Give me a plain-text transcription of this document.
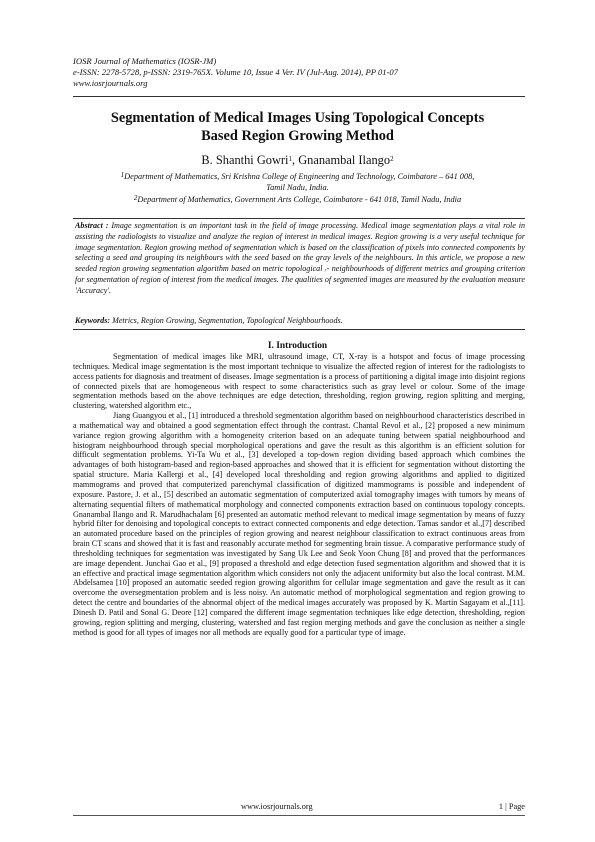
IOSR Journal of Mathematics (IOSR-JM)
e-ISSN: 2278-5728, p-ISSN: 2319-765X. Volume 10, Issue 4 Ver. IV (Jul-Aug. 2014), PP 01-07
www.iosrjournals.org
Segmentation of Medical Images Using Topological Concepts
Based Region Growing Method
B. Shanthi Gowri$^1$, Gnanambal Ilango$^2$
$^1$Department of Mathematics, Sri Krishna College of Engineering and Technology, Coimbatore – 641 008,
Tamil Nadu, India.
$^2$Department of Mathematics, Government Arts College, Coimbatore - 641 018, Tamil Nadu, India
Abstract : Image segmentation is an important task in the field of image processing. Medical image segmentation plays a vital role in assisting the radiologists to visualize and analyze the region of interest in medical images. Region growing is a very useful technique for image segmentation. Region growing method of segmentation which is based on the classification of pixels into connected components by selecting a seed and grouping its neighbours with the seed based on the gray levels of the neighbours. In this article, we propose a new seeded region growing segmentation algorithm based on metric topological ᵣ- neighbourhoods of different metrics and grouping criterion for segmentation of region of interest from the medical images. The qualities of segmented images are measured by the evaluation measure 'Accuracy'.
Keywords: Metrics, Region Growing, Segmentation, Topological Neighbourhoods.
I. Introduction

Segmentation of medical images like MRI, ultrasound image, CT, X-ray is a hotspot and focus of image processing techniques. Medical image segmentation is the most important technique to visualize the affected region of interest for the radiologists to access patients for diagnosis and treatment of diseases. Image segmentation is a process of partitioning a digital image into disjoint regions of connected pixels that are homogeneous with respect to some characteristics such as gray level or colour. Some of the image segmentation methods based on the above techniques are edge detection, thresholding, region growing, region splitting and merging, clustering, watershed algorithm etc.,

Jiang Guangyou et al., [1] introduced a threshold segmentation algorithm based on neighbourhood characteristics described in a mathematical way and obtained a good segmentation effect through the contrast. Chantal Revol et al., [2] proposed a new minimum variance region growing algorithm with a homogeneity criterion based on an adequate tuning between spatial neighbourhood and histogram neighbourhood through special morphological operations and gave the result as this algorithm is an efficient solution for difficult segmentation problems. Yi-Ta Wu et al., [3] developed a top-down region dividing based approach which combines the advantages of both histogram-based and region-based approaches and showed that it is efficient for segmentation without distorting the spatial structure. Maria Kallergi et al., [4] developed local thresholding and region growing algorithms and applied to digitized mammograms and proved that computerized parenchymal classification of digitized mammograms is possible and independent of exposure. Pastore, J. et al., [5] described an automatic segmentation of computerized axial tomography images with tumors by means of alternating sequential filters of mathematical morphology and connected components extraction based on continuous topology concepts. Gnanambal Ilango and R. Marudhachalam [6] presented an automatic method relevant to medical image segmentation by means of fuzzy hybrid filter for denoising and topological concepts to extract connected components and edge detection. Tamas sandor et al.,[7] described an automated procedure based on the principles of region growing and nearest neighbour classification to extract continuous areas from brain CT scans and showed that it is fast and reasonably accurate method for segmenting brain tissue. A comparative performance study of thresholding techniques for segmentation was investigated by Sang Uk Lee and Seok Yoon Chung [8] and proved that the performances are image dependent. Junchai Gao et al., [9] proposed a threshold and edge detection fused segmentation algorithm and showed that it is an effective and practical image segmentation algorithm which considers not only the adjacent uniformity but also the local contrast. M.M. Abdelsamea [10] proposed an automatic seeded region growing algorithm for cellular image segmentation and gave the result as it can overcome the oversegmentation problem and is less noisy. An automatic method of morphological segmentation and region growing to detect the centre and boundaries of the abnormal object of the medical images accurately was proposed by K. Martin Sagayam et al.,[11]. Dinesh D. Patil and Sonal G. Deore [12] compared the different image segmentation techniques like edge detection, thresholding, region growing, region splitting and merging, clustering, watershed and fast region merging methods and gave the conclusion as neither a single method is good for all types of images nor all methods are equally good for a particular type of image.

www.iosrjournals.org	1 | Page
